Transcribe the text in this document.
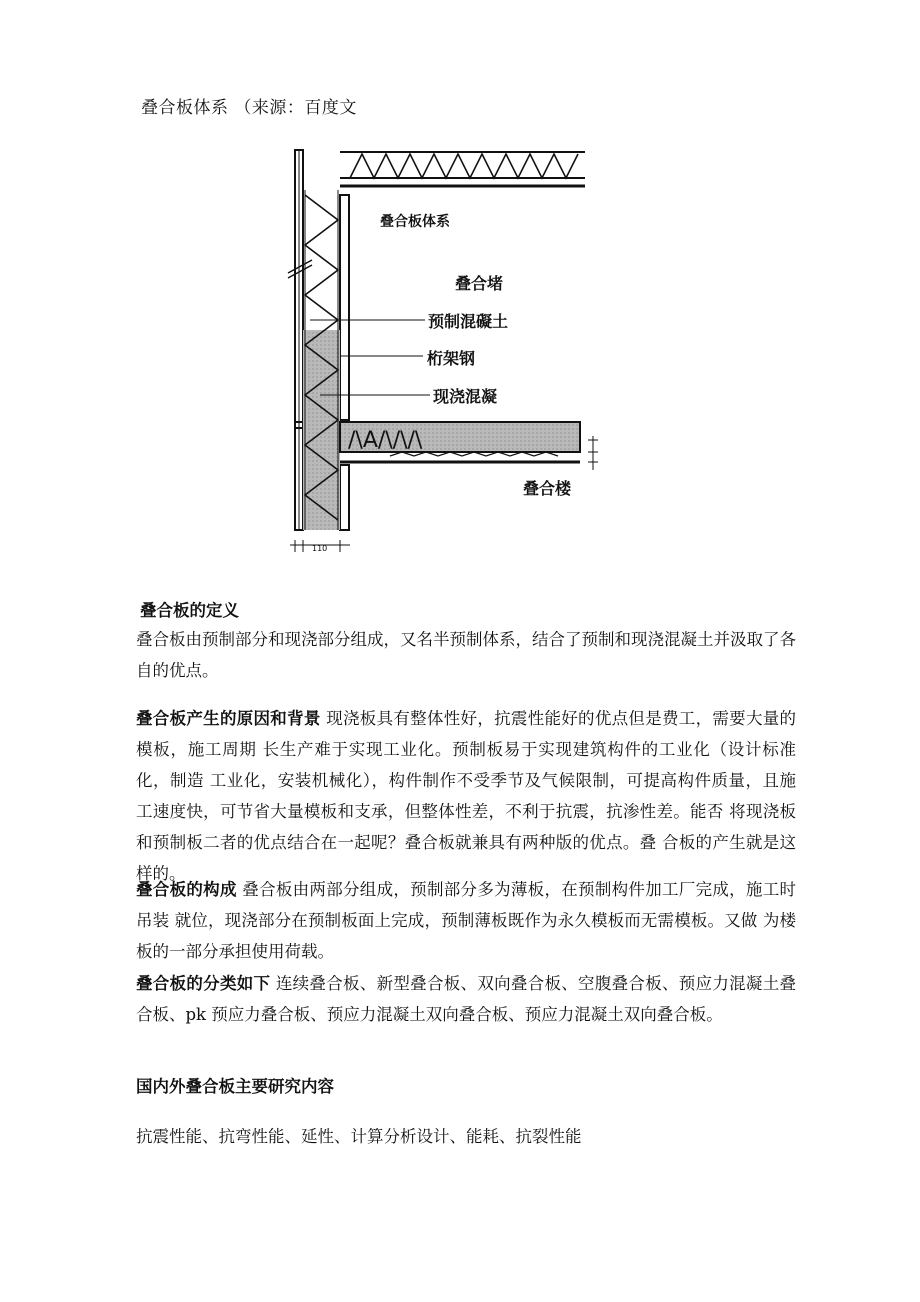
叠合板体系 （来源：百度文
/\A/\/\/\
110
叠合板体系
叠合堵
预制混礙土
桁架钢
现浇混凝
叠合楼
叠合板的定义
叠合板由预制部分和现浇部分组成，又名半预制体系，结合了预制和现浇混凝土并汲取了各自的优点。
叠合板产生的原因和背景 现浇板具有整体性好，抗震性能好的优点但是费工，需要大量的模板，施工周期 长生产难于实现工业化。预制板易于实现建筑构件的工业化（设计标准化，制造 工业化，安装机械化），构件制作不受季节及气候限制，可提高构件质量，且施 工速度快，可节省大量模板和支承，但整体性差，不利于抗震，抗渗性差。能否 将现浇板和预制板二者的优点结合在一起呢？叠合板就兼具有两种版的优点。叠 合板的产生就是这样的。
叠合板的构成 叠合板由两部分组成，预制部分多为薄板，在预制构件加工厂完成，施工时吊装 就位，现浇部分在预制板面上完成，预制薄板既作为永久模板而无需模板。又做 为楼板的一部分承担使用荷载。
叠合板的分类如下 连续叠合板、新型叠合板、双向叠合板、空腹叠合板、预应力混凝土叠合板、pk 预应力叠合板、预应力混凝土双向叠合板、预应力混凝土双向叠合板。
国内外叠合板主要研究内容
抗震性能、抗弯性能、延性、计算分析设计、能耗、抗裂性能
